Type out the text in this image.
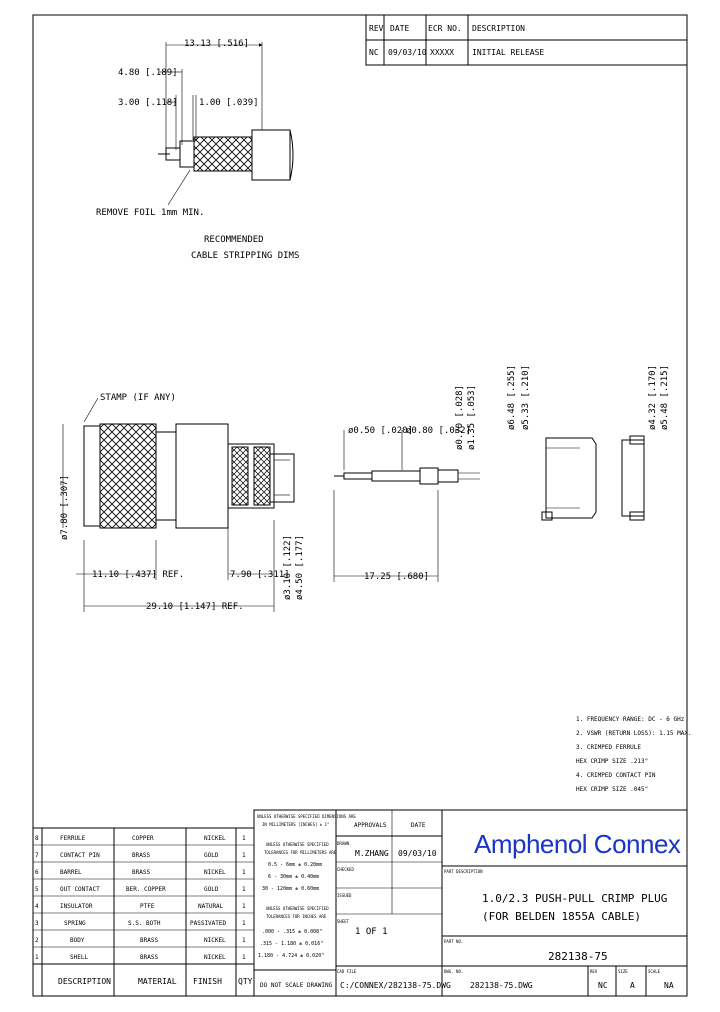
REV DATE ECR NO. DESCRIPTION
NC 09/03/10 XXXXX INITIAL RELEASE
13.13 [.516]
4.80 [.189]
3.00 [.118] 1.00 [.039]
REMOVE FOIL 1mm MIN.
RECOMMENDED
CABLE STRIPPING DIMS
STAMP (IF ANY)
ø7.80 [.307]
11.10 [.437] REF.	7.90 [.311]
29.10 [1.147] REF.
ø3.10 [.122] ø4.50 [.177]
ø0.50 [.020]
ø0.80 [.032]
ø0.70 [.028] ø1.35 [.053]
17.25 [.680]
ø6.48 [.255] ø5.33 [.210]	ø4.32 [.170] ø5.48 [.215]
1. FREQUENCY RANGE: DC - 6 GHz
2. VSWR (RETURN LOSS): 1.15 MAX.
3. CRIMPED FERRULE
HEX CRIMP SIZE .213"
4. CRIMPED CONTACT PIN
HEX CRIMP SIZE .045"
8	FERRULE	COPPER	NICKEL	1
7	CONTACT PIN	BRASS	GOLD	1
6	BARREL	BRASS	NICKEL	1
5	OUT CONTACT	BER. COPPER	GOLD	1
4	INSULATOR	PTFE	NATURAL	1
3	SPRING	S.S. BOTH	PASSIVATED	1
2	BODY	BRASS	NICKEL	1
1	SHELL	BRASS	NICKEL	1
DESCRIPTION	MATERIAL FINISH QTY
UNLESS OTHERWISE SPECIFIED DIMENSIONS ARE
IN MILLIMETERS [INCHES] ± 1°
UNLESS OTHERWISE SPECIFIED
TOLERANCES FOR MILLIMETERS ARE
0.5 - 6mm ± 0.20mm
6 - 30mm ± 0.40mm
30 - 120mm ± 0.60mm
UNLESS OTHERWISE SPECIFIED
TOLERANCES FOR INCHES ARE
.000 - .315 ± 0.008"
.315 - 1.180 ± 0.016"
1.180 - 4.724 ± 0.020"
DO NOT SCALE DRAWING
APPROVALS	DATE
DRAWN
M.ZHANG 09/03/10
CHECKED
ISSUED
SHEET
1 OF 1
CAD FILE
C:/CONNEX/282138-75.DWG
Amphenol Connex
PART DESCRIPTION
1.0/2.3 PUSH-PULL CRIMP PLUG
(FOR BELDEN 1855A CABLE)
PART NO.
282138-75
DWG. NO.
282138-75.DWG
REV
NC
SIZE
A
SCALE
NA
